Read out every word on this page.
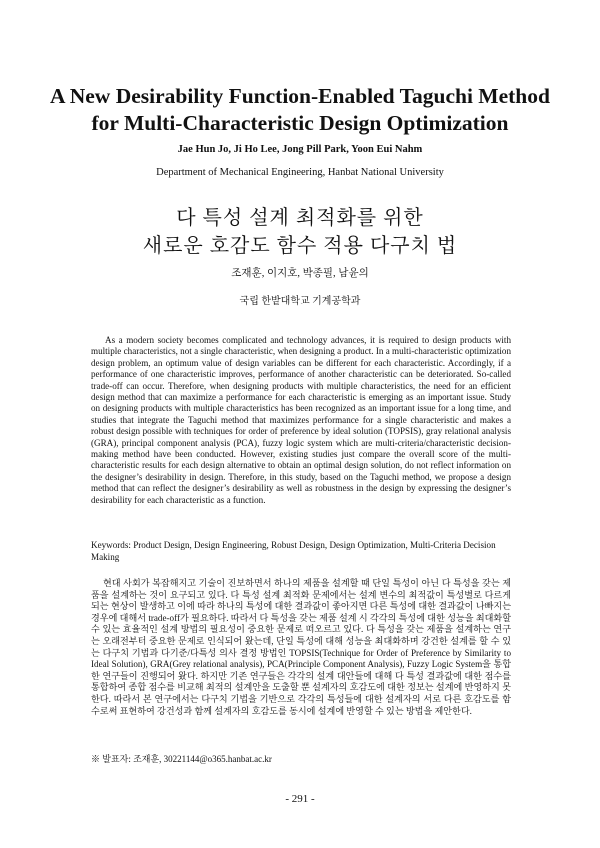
A New Desirability Function-Enabled Taguchi Method for Multi-Characteristic Design Optimization
Jae Hun Jo, Ji Ho Lee, Jong Pill Park, Yoon Eui Nahm
Department of Mechanical Engineering, Hanbat National University
다 특성 설계 최적화를 위한
새로운 호감도 함수 적용 다구치 법
조재훈, 이지호, 박종필, 남윤의
국립 한밭대학교 기계공학과

As a modern society becomes complicated and technology advances, it is required to design products with multiple characteristics, not a single characteristic, when designing a product. In a multi-characteristic optimization design problem, an optimum value of design variables can be different for each characteristic. Accordingly, if a performance of one characteristic improves, performance of another characteristic can be deteriorated. So-called trade-off can occur. Therefore, when designing products with multiple characteristics, the need for an efficient design method that can maximize a performance for each characteristic is emerging as an important issue. Study on designing products with multiple characteristics has been recognized as an important issue for a long time, and studies that integrate the Taguchi method that maximizes performance for a single characteristic and makes a robust design possible with techniques for order of preference by ideal solution (TOPSIS), gray relational analysis (GRA), principal component analysis (PCA), fuzzy logic system which are multi-criteria/characteristic decision-making method have been conducted. However, existing studies just compare the overall score of the multi-characteristic results for each design alternative to obtain an optimal design solution, do not reflect information on the designer’s desirability in design. Therefore, in this study, based on the Taguchi method, we propose a design method that can reflect the designer’s desirability as well as robustness in the design by expressing the designer’s desirability for each characteristic as a function.

Keywords: Product Design, Design Engineering, Robust Design, Design Optimization, Multi-Criteria Decision Making

현대 사회가 복잡해지고 기술이 진보하면서 하나의 제품을 설계할 때 단일 특성이 아닌 다 특성을 갖는 제품을 설계하는 것이 요구되고 있다. 다 특성 설계 최적화 문제에서는 설계 변수의 최적값이 특성별로 다르게 되는 현상이 발생하고 이에 따라 하나의 특성에 대한 결과값이 좋아지면 다른 특성에 대한 결과값이 나빠지는 경우에 대해서 trade-off가 필요하다. 따라서 다 특성을 갖는 제품 설계 시 각각의 특성에 대한 성능을 최대화할 수 있는 효율적인 설계 방법의 필요성이 중요한 문제로 떠오르고 있다. 다 특성을 갖는 제품을 설계하는 연구는 오래전부터 중요한 문제로 인식되어 왔는데, 단일 특성에 대해 성능을 최대화하며 강건한 설계를 할 수 있는 다구치 기법과 다기준/다특성 의사 결정 방법인 TOPSIS(Technique for Order of Preference by Similarity to Ideal Solution), GRA(Grey relational analysis), PCA(Principle Component Analysis), Fuzzy Logic System을 통합한 연구들이 진행되어 왔다. 하지만 기존 연구들은 각각의 설계 대안들에 대해 다 특성 결과값에 대한 점수를 통합하여 종합 점수를 비교해 최적의 설계안을 도출할 뿐 설계자의 호감도에 대한 정보는 설계에 반영하지 못한다. 따라서 본 연구에서는 다구치 기법을 기반으로 각각의 특성들에 대한 설계자의 서로 다른 호감도를 함수로써 표현하여 강건성과 함께 설계자의 호감도를 동시에 설계에 반영할 수 있는 방법을 제안한다.

※ 발표자: 조재훈, 30221144@o365.hanbat.ac.kr
- 291 -
